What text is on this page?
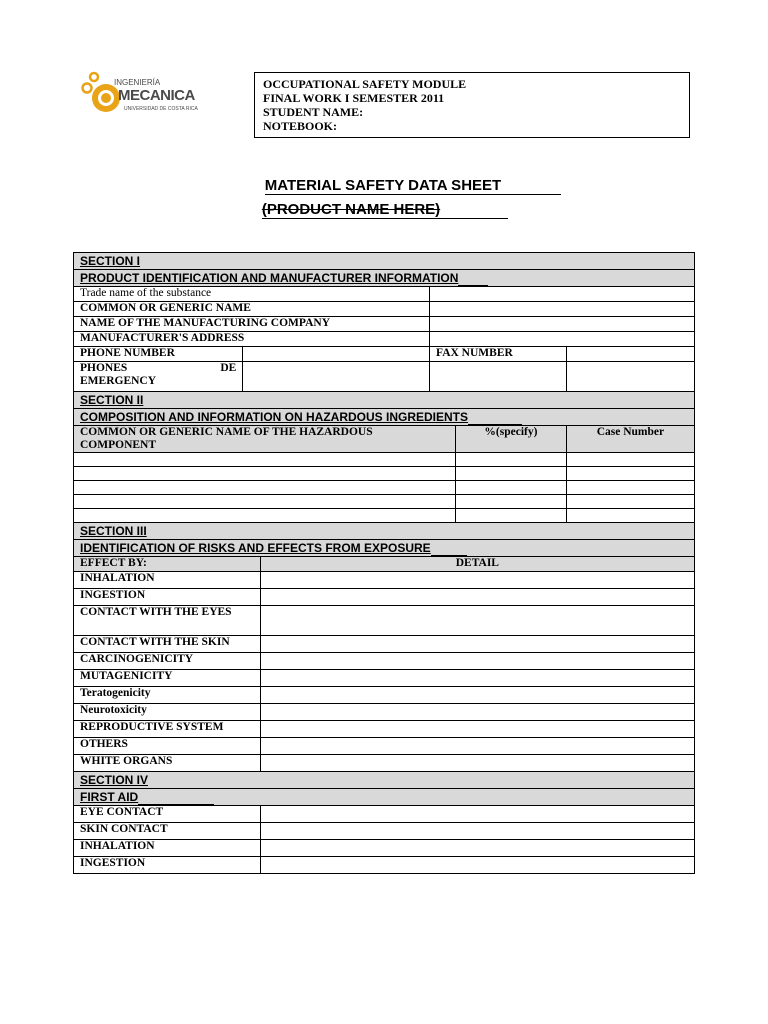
INGENIERÍA
MECANICA
UNIVERSIDAD DE COSTA RICA
OCCUPATIONAL SAFETY MODULE
FINAL WORK I SEMESTER 2011
STUDENT NAME:
NOTEBOOK:
MATERIAL SAFETY DATA SHEET
(PRODUCT NAME HERE)
SECTION I					
PRODUCT IDENTIFICATION AND MANUFACTURER INFORMATION					
Trade name of the substance					
COMMON OR GENERIC NAME					
NAME OF THE MANUFACTURING COMPANY					
MANUFACTURER'S ADDRESS					
PHONE NUMBER			FAX NUMBER		

PHONES DE
EMERGENCY					

SECTION II					
COMPOSITION AND INFORMATION ON HAZARDOUS INGREDIENTS					
COMMON OR GENERIC NAME OF THE HAZARDOUS COMPONENT				%(specify)	Case Number

SECTION III					
IDENTIFICATION OF RISKS AND EFFECTS FROM EXPOSURE					
EFFECT BY:		DETAIL			
INHALATION					
INGESTION					
CONTACT WITH THE EYES					
CONTACT WITH THE SKIN					
CARCINOGENICITY					
MUTAGENICITY					
Teratogenicity					
Neurotoxicity					
REPRODUCTIVE SYSTEM					
OTHERS					
WHITE ORGANS					
SECTION IV					
FIRST AID					
EYE CONTACT					
SKIN CONTACT					
INHALATION					
INGESTION					
